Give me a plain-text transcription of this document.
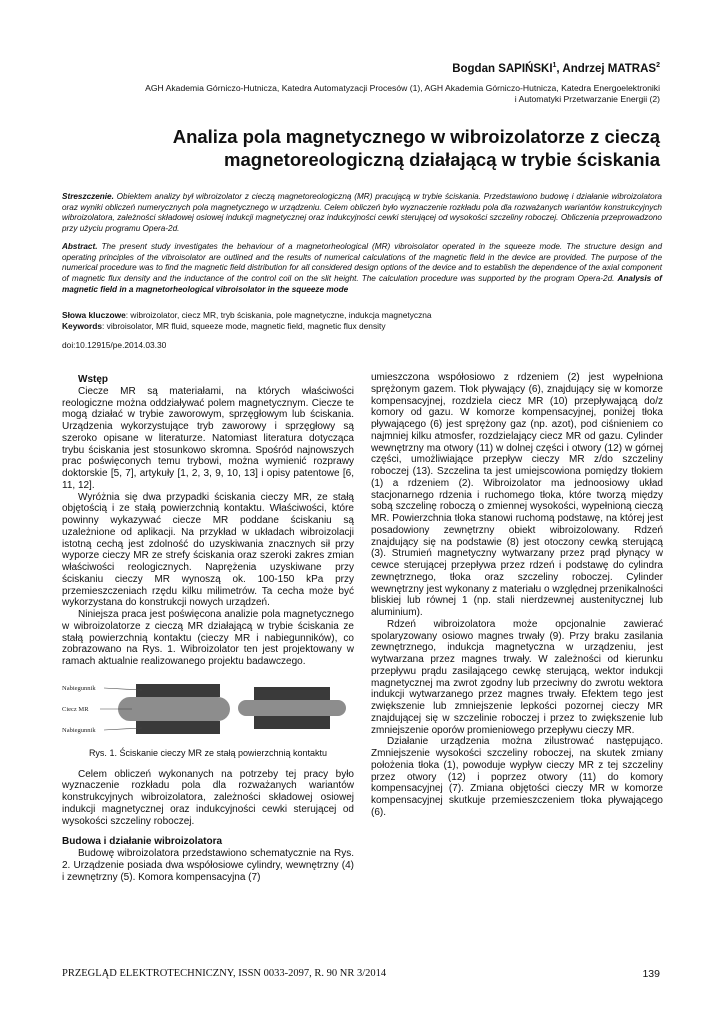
Bogdan SAPIŃSKI$^1$, Andrzej MATRAS$^2$
AGH Akademia Górniczo-Hutnicza, Katedra Automatyzacji Procesów (1), AGH Akademia Górniczo-Hutnicza, Katedra Energoelektroniki
i Automatyki Przetwarzanie Energii (2)
Analiza pola magnetycznego w wibroizolatorze z cieczą
magnetoreologiczną działającą w trybie ściskania
Streszczenie. Obiektem analizy był wibroizolator z cieczą magnetoreologiczną (MR) pracującą w trybie ściskania. Przedstawiono budowę i działanie wibroizolatora oraz wyniki obliczeń numerycznych pola magnetycznego w urządzeniu. Celem obliczeń było wyznaczenie rozkładu pola dla rozważanych wariantów konstrukcyjnych wibroizolatora, zależności składowej osiowej indukcji magnetycznej oraz indukcyjności cewki sterującej od wysokości szczeliny roboczej. Obliczenia przeprowadzono przy użyciu programu Opera-2d.
Abstract. The present study investigates the behaviour of a magnetorheological (MR) vibroisolator operated in the squeeze mode. The structure design and operating principles of the vibroisolator are outlined and the results of numerical calculations of the magnetic field in the device are provided. The purpose of the numerical procedure was to find the magnetic field distribution for all considered design options of the device and to establish the dependence of the axial component of magnetic flux density and the inductance of the control coil on the slit height. The calculation procedure was supported by the program Opera-2d. Analysis of magnetic field in a magnetorheological vibroisolator in the squeeze mode
Słowa kluczowe: wibroizolator, ciecz MR, tryb ściskania, pole magnetyczne, indukcja magnetyczna
Keywords: vibroisolator, MR fluid, squeeze mode, magnetic field, magnetic flux density
doi:10.12915/pe.2014.03.30
Wstęp

Ciecze MR są materiałami, na których właściwości reologiczne można oddziaływać polem magnetycznym. Ciecze te mogą działać w trybie zaworowym, sprzęgłowym lub ściskania. Urządzenia wykorzystujące tryb zaworowy i sprzęgłowy są szeroko opisane w literaturze. Natomiast literatura dotycząca trybu ściskania jest stosunkowo skromna. Spośród najnowszych prac poświęconych temu trybowi, można wymienić rozprawy doktorskie [5, 7], artykuły [1, 2, 3, 9, 10, 13] i opisy patentowe [6, 11, 12].

Wyróżnia się dwa przypadki ściskania cieczy MR, ze stałą objętością i ze stałą powierzchnią kontaktu. Właściwości, które powinny wykazywać ciecze MR poddane ściskaniu są uzależnione od aplikacji. Na przykład w układach wibroizolacji istotną cechą jest zdolność do uzyskiwania znacznych sił przy wyporze cieczy MR ze strefy ściskania oraz szeroki zakres zmian właściwości reologicznych. Naprężenia uzyskiwane przy ściskaniu cieczy MR wynoszą ok. 100-150 kPa przy przemieszczeniach rzędu kilku milimetrów. Ta cecha może być wykorzystana do konstrukcji nowych urządzeń.

Niniejsza praca jest poświęcona analizie pola magnetycznego w wibroizolatorze z cieczą MR działającą w trybie ściskania ze stałą powierzchnią kontaktu (cieczy MR i nabiegunników), co zobrazowano na Rys. 1. Wibroizolator ten jest projektowany w ramach aktualnie realizowanego projektu badawczego.

Nabiegunnik
Ciecz MR
Nabiegunnik

Rys. 1. Ściskanie cieczy MR ze stałą powierzchnią kontaktu

Celem obliczeń wykonanych na potrzeby tej pracy było wyznaczenie rozkładu pola dla rozważanych wariantów konstrukcyjnych wibroizolatora, zależności składowej osiowej indukcji magnetycznej oraz indukcyjności cewki sterującej od wysokości szczeliny roboczej.

Budowa i działanie wibroizolatora

Budowę wibroizolatora przedstawiono schematycznie na Rys. 2. Urządzenie posiada dwa współosiowe cylindry, wewnętrzny (4) i zewnętrzny (5). Komora kompensacyjna (7)

umieszczona współosiowo z rdzeniem (2) jest wypełniona sprężonym gazem. Tłok pływający (6), znajdujący się w komorze kompensacyjnej, rozdziela ciecz MR (10) przepływającą do/z komory od gazu. W komorze kompensacyjnej, poniżej tłoka pływającego (6) jest sprężony gaz (np. azot), pod ciśnieniem co najmniej kilku atmosfer, rozdzielający ciecz MR od gazu. Cylinder wewnętrzny ma otwory (11) w dolnej części i otwory (12) w górnej części, umożliwiające przepływ cieczy MR z/do szczeliny roboczej (13). Szczelina ta jest umiejscowiona pomiędzy tłokiem (1) a rdzeniem (2). Wibroizolator ma jednoosiowy układ stacjonarnego rdzenia i ruchomego tłoka, które tworzą między sobą szczelinę roboczą o zmiennej wysokości, wypełnioną cieczą MR. Powierzchnia tłoka stanowi ruchomą podstawę, na której jest posadowiony zewnętrzny obiekt wibroizolowany. Rdzeń znajdujący się na podstawie (8) jest otoczony cewką sterującą (3). Strumień magnetyczny wytwarzany przez prąd płynący w cewce sterującej przepływa przez rdzeń i podstawę do cylindra zewnętrznego, tłoka oraz szczeliny roboczej. Cylinder wewnętrzny jest wykonany z materiału o względnej przenikalności bliskiej lub równej 1 (np. stali nierdzewnej austenitycznej lub aluminium).

Rdzeń wibroizolatora może opcjonalnie zawierać spolaryzowany osiowo magnes trwały (9). Przy braku zasilania zewnętrznego, indukcja magnetyczna w urządzeniu, jest wytwarzana przez magnes trwały. W zależności od kierunku przepływu prądu zasilającego cewkę sterującą, wektor indukcji magnetycznej ma zwrot zgodny lub przeciwny do zwrotu wektora indukcji wytwarzanego przez magnes trwały. Efektem tego jest zwiększenie lub zmniejszenie lepkości pozornej cieczy MR znajdującej się w szczelinie roboczej i przez to zwiększenie lub zmniejszenie oporów promieniowego przepływu cieczy MR.

Działanie urządzenia można zilustrować następująco. Zmniejszenie wysokości szczeliny roboczej, na skutek zmiany położenia tłoka (1), powoduje wypływ cieczy MR z tej szczeliny przez otwory (12) i poprzez otwory (11) do komory kompensacyjnej (7). Zmiana objętości cieczy MR w komorze kompensacyjnej skutkuje przemieszczeniem tłoka pływającego (6).

PRZEGLĄD ELEKTROTECHNICZNY, ISSN 0033-2097, R. 90 NR 3/2014	139
